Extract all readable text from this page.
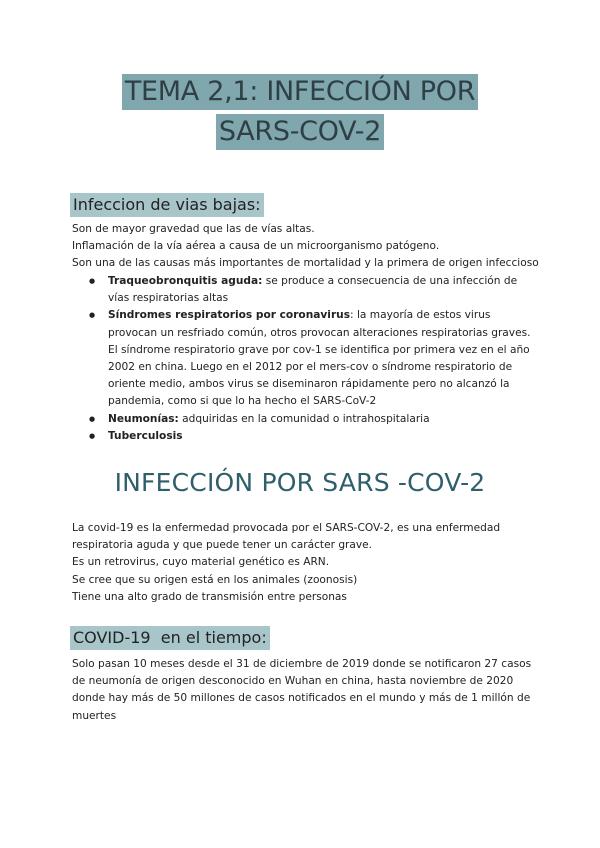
TEMA 2,1: INFECCIÓN POR
SARS-COV-2
Infeccion de vias bajas:

Son de mayor gravedad que las de vías altas.

Inflamación de la vía aérea a causa de un microorganismo patógeno.

Son una de las causas más importantes de mortalidad y la primera de origen infeccioso

● Traqueobronquitis aguda: se produce a consecuencia de una infección de vías respiratorias altas
● Síndromes respiratorios por coronavirus: la mayoría de estos virus provocan un resfriado común, otros provocan alteraciones respiratorias graves. El síndrome respiratorio grave por cov-1 se identifica por primera vez en el año 2002 en china. Luego en el 2012 por el mers-cov o síndrome respiratorio de oriente medio, ambos virus se diseminaron rápidamente pero no alcanzó la pandemia, como si que lo ha hecho el SARS-CoV-2
● Neumonías: adquiridas en la comunidad o intrahospitalaria
● Tuberculosis
INFECCIÓN POR SARS -COV-2

La covid-19 es la enfermedad provocada por el SARS-COV-2, es una enfermedad respiratoria aguda y que puede tener un carácter grave.

Es un retrovirus, cuyo material genético es ARN.

Se cree que su origen está en los animales (zoonosis)

Tiene una alto grado de transmisión entre personas

COVID-19  en el tiempo:

Solo pasan 10 meses desde el 31 de diciembre de 2019 donde se notificaron 27 casos de neumonía de origen desconocido en Wuhan en china, hasta noviembre de 2020 donde hay más de 50 millones de casos notificados en el mundo y más de 1 millón de muertes
